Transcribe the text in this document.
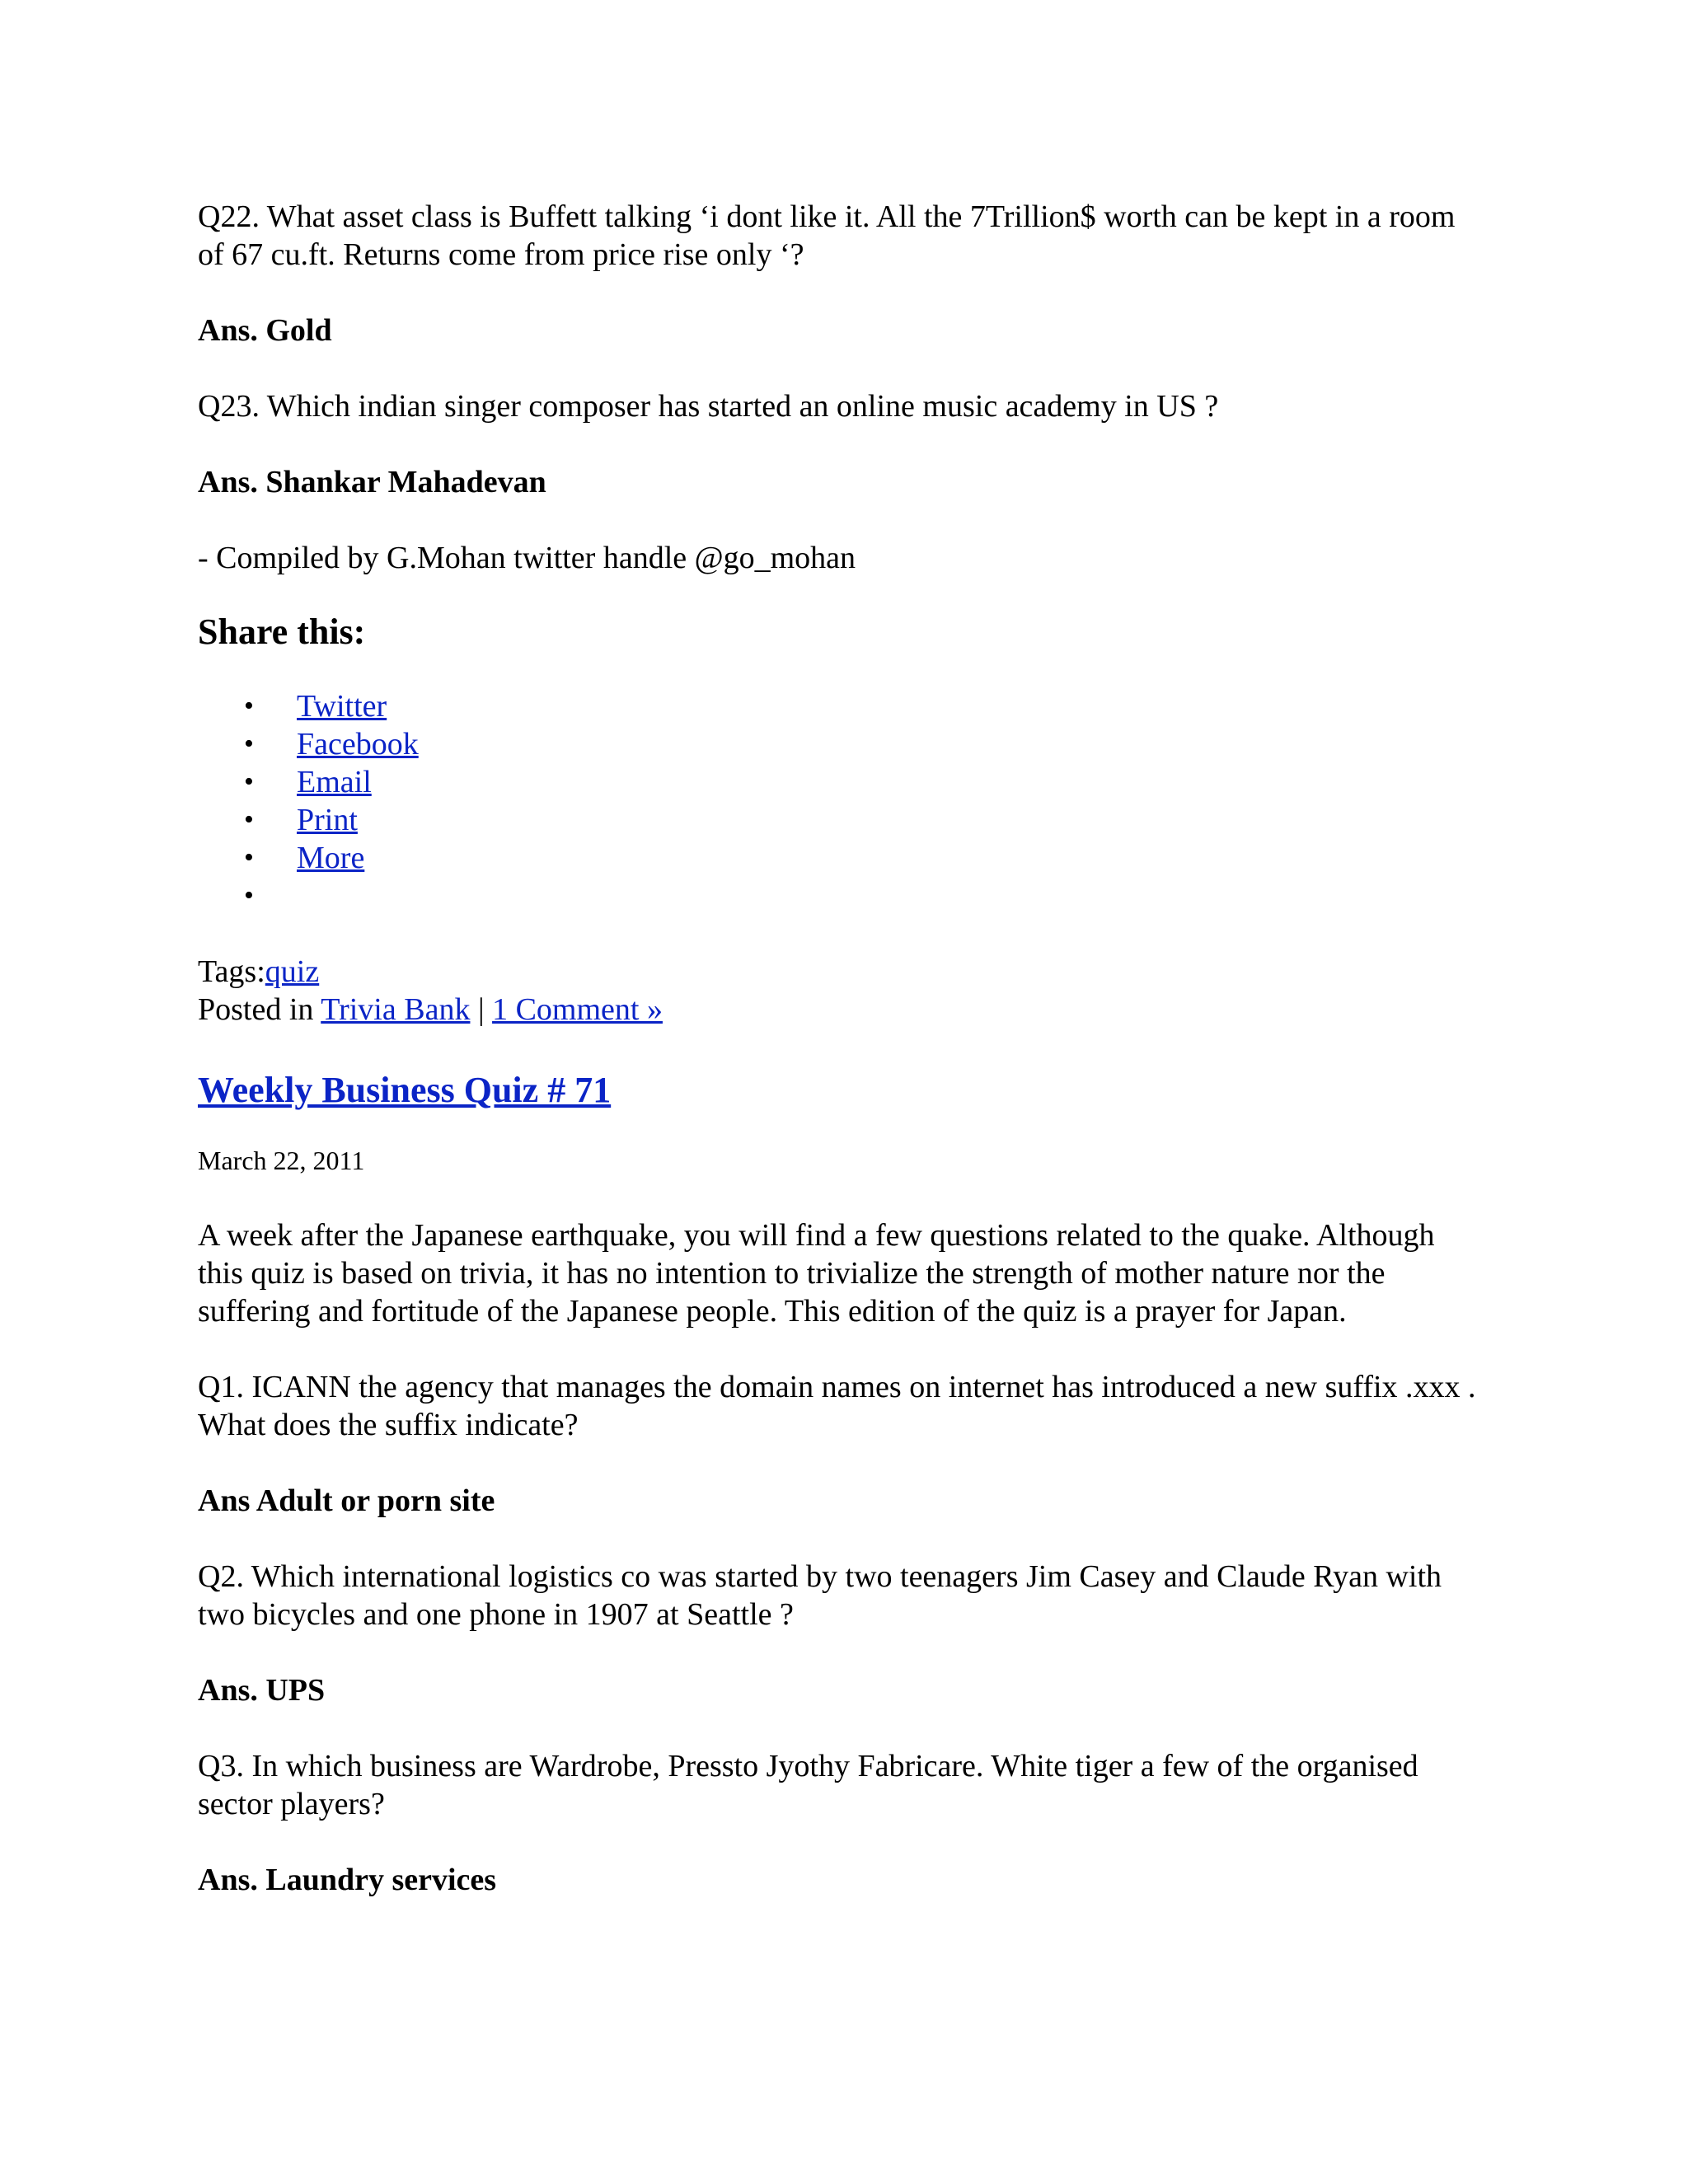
Q22. What asset class is Buffett talking ‘i dont like it. All the 7Trillion$ worth can be kept in a room of 67 cu.ft. Returns come from price rise only ‘?

Ans. Gold

Q23. Which indian singer composer has started an online music academy in US ?

Ans. Shankar Mahadevan

- Compiled by G.Mohan twitter handle @go_mohan

Share this:
• Twitter
• Facebook
• Email
• Print
• More
•
Tags:quiz
Posted in Trivia Bank | 1 Comment »
Weekly Business Quiz # 71
March 22, 2011

A week after the Japanese earthquake, you will find a few questions related to the quake. Although this quiz is based on trivia, it has no intention to trivialize the strength of mother nature nor the suffering and fortitude of the Japanese people. This edition of the quiz is a prayer for Japan.

Q1. ICANN the agency that manages the domain names on internet has introduced a new suffix .xxx . What does the suffix indicate?

Ans Adult or porn site

Q2. Which international logistics co was started by two teenagers Jim Casey and Claude Ryan with two bicycles and one phone in 1907 at Seattle ?

Ans. UPS

Q3. In which business are Wardrobe, Pressto Jyothy Fabricare. White tiger a few of the organised sector players?

Ans. Laundry services
